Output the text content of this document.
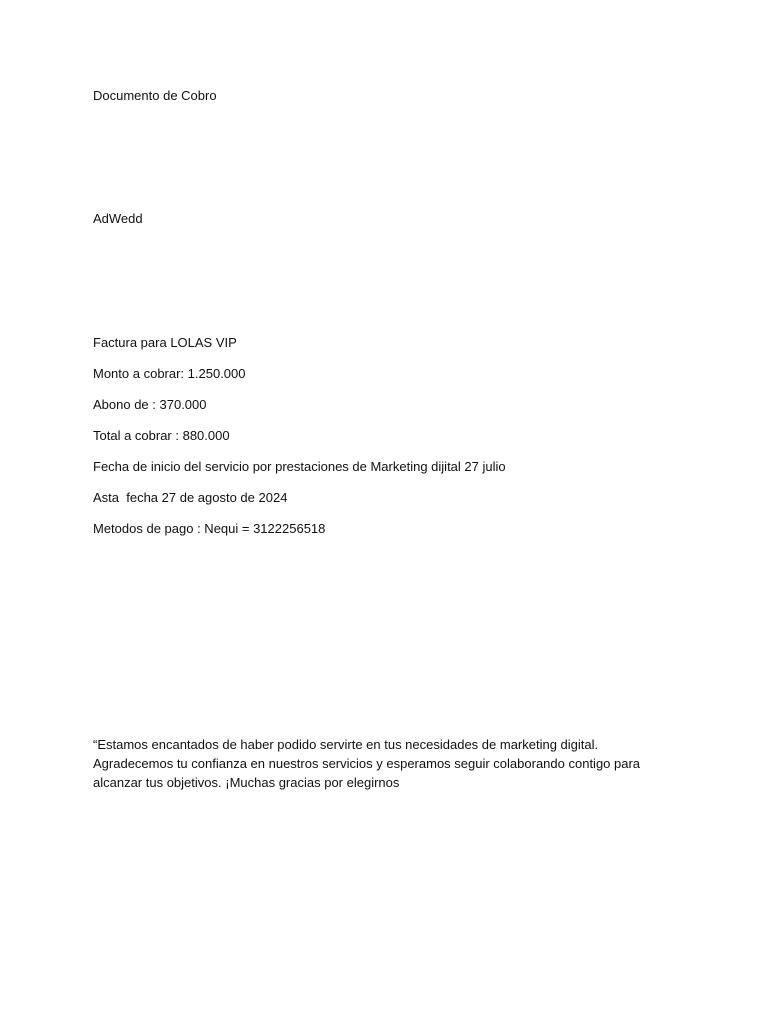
Documento de Cobro

AdWedd

Factura para LOLAS VIP

Monto a cobrar: 1.250.000

Abono de : 370.000

Total a cobrar : 880.000

Fecha de inicio del servicio por prestaciones de Marketing dijital 27 julio

Asta  fecha 27 de agosto de 2024

Metodos de pago : Nequi = 3122256518

“Estamos encantados de haber podido servirte en tus necesidades de marketing digital.

Agradecemos tu confianza en nuestros servicios y esperamos seguir colaborando contigo para

alcanzar tus objetivos. ¡Muchas gracias por elegirnos
